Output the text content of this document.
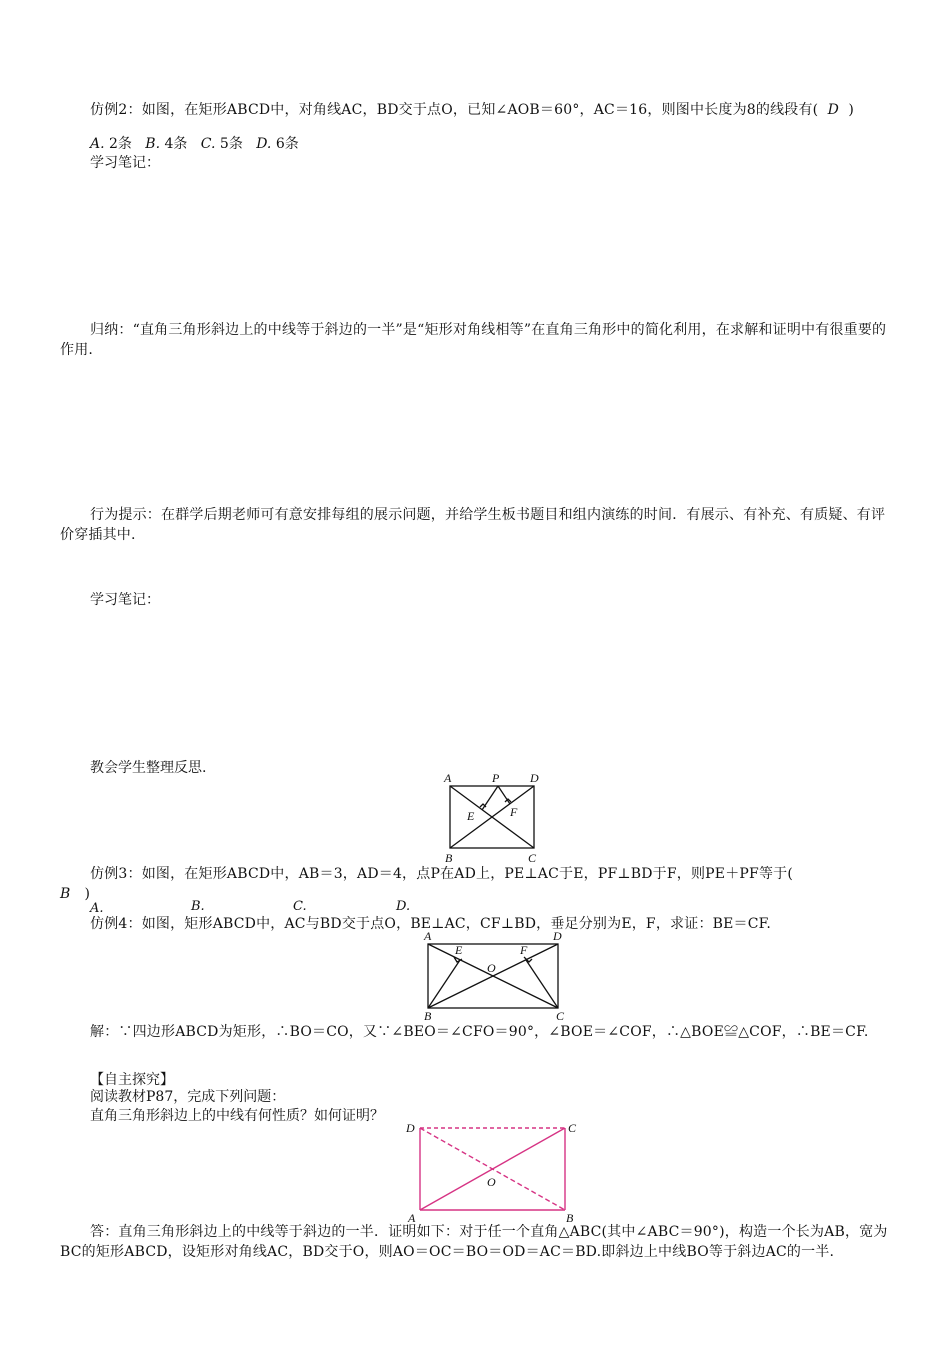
仿例2：如图，在矩形ABCD中，对角线AC，BD交于点O，已知∠AOB＝60°，AC＝16，则图中长度为8的线段有( D )
A. 2条 B. 4条 C. 5条 D. 6条
学习笔记：
归纳：“直角三角形斜边上的中线等于斜边的一半”是“矩形对角线相等”在直角三角形中的简化利用，在求解和证明中有很重要的作用.
行为提示：在群学后期老师可有意安排每组的展示问题，并给学生板书题目和组内演练的时间．有展示、有补充、有质疑、有评价穿插其中.
学习笔记：
教会学生整理反思.
A	P	D
E	F
B	C
仿例3：如图，在矩形ABCD中，AB＝3，AD＝4，点P在AD上，PE⊥AC于E，PF⊥BD于F，则PE＋PF等于(
B )
A.	B.	C.	D.
仿例4：如图，矩形ABCD中，AC与BD交于点O，BE⊥AC，CF⊥BD，垂足分别为E，F，求证：BE＝CF.
A
E
O
F
D
B	C
解：∵四边形ABCD为矩形，∴BO＝CO，又∵∠BEO＝∠CFO＝90°，∠BOE＝∠COF，∴△BOE≌△COF，∴BE＝CF.
【自主探究】
阅读教材P87，完成下列问题：
直角三角形斜边上的中线有何性质？如何证明？
D	C
O
A	B
答：直角三角形斜边上的中线等于斜边的一半．证明如下：对于任一个直角△ABC(其中∠ABC＝90°)，构造一个长为AB，宽为BC的矩形ABCD，设矩形对角线AC，BD交于O，则AO＝OC＝BO＝OD＝AC＝BD.即斜边上中线BO等于斜边AC的一半.
